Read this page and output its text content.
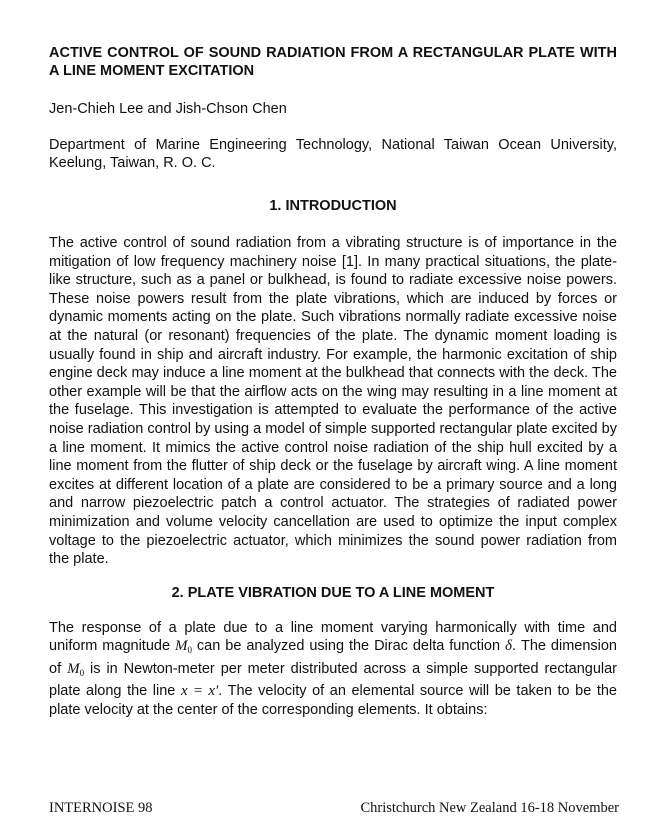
ACTIVE CONTROL OF SOUND RADIATION FROM A RECTANGULAR PLATE WITH A LINE MOMENT EXCITATION

Jen-Chieh Lee and Jish-Chson Chen

Department of Marine Engineering Technology, National Taiwan Ocean University, Keelung, Taiwan, R. O. C.

1. INTRODUCTION

The active control of sound radiation from a vibrating structure is of importance in the mitigation of low frequency machinery noise [1]. In many practical situations, the plate-like structure, such as a panel or bulkhead, is found to radiate excessive noise powers. These noise powers result from the plate vibrations, which are induced by forces or dynamic moments acting on the plate. Such vibrations normally radiate excessive noise at the natural (or resonant) frequencies of the plate. The dynamic moment loading is usually found in ship and aircraft industry. For example, the harmonic excitation of ship engine deck may induce a line moment at the bulkhead that connects with the deck. The other example will be that the airflow acts on the wing may resulting in a line moment at the fuselage. This investigation is attempted to evaluate the performance of the active noise radiation control by using a model of simple supported rectangular plate excited by a line moment. It mimics the active control noise radiation of the ship hull excited by a line moment from the flutter of ship deck or the fuselage by aircraft wing. A line moment excites at different location of a plate are considered to be a primary source and a long and narrow piezoelectric patch a control actuator. The strategies of radiated power minimization and volume velocity cancellation are used to optimize the input complex voltage to the piezoelectric actuator, which minimizes the sound power radiation from the plate.

2. PLATE VIBRATION DUE TO A LINE MOMENT

The response of a plate due to a line moment varying harmonically with time and uniform magnitude $M_0$ can be analyzed using the Dirac delta function δ. The dimension of $M_0$ is in Newton-meter per meter distributed across a simple supported rectangular plate along the line x = x′. The velocity of an elemental source will be taken to be the plate velocity at the center of the corresponding elements. It obtains:

INTERNOISE 98	Christchurch New Zealand 16-18 November
